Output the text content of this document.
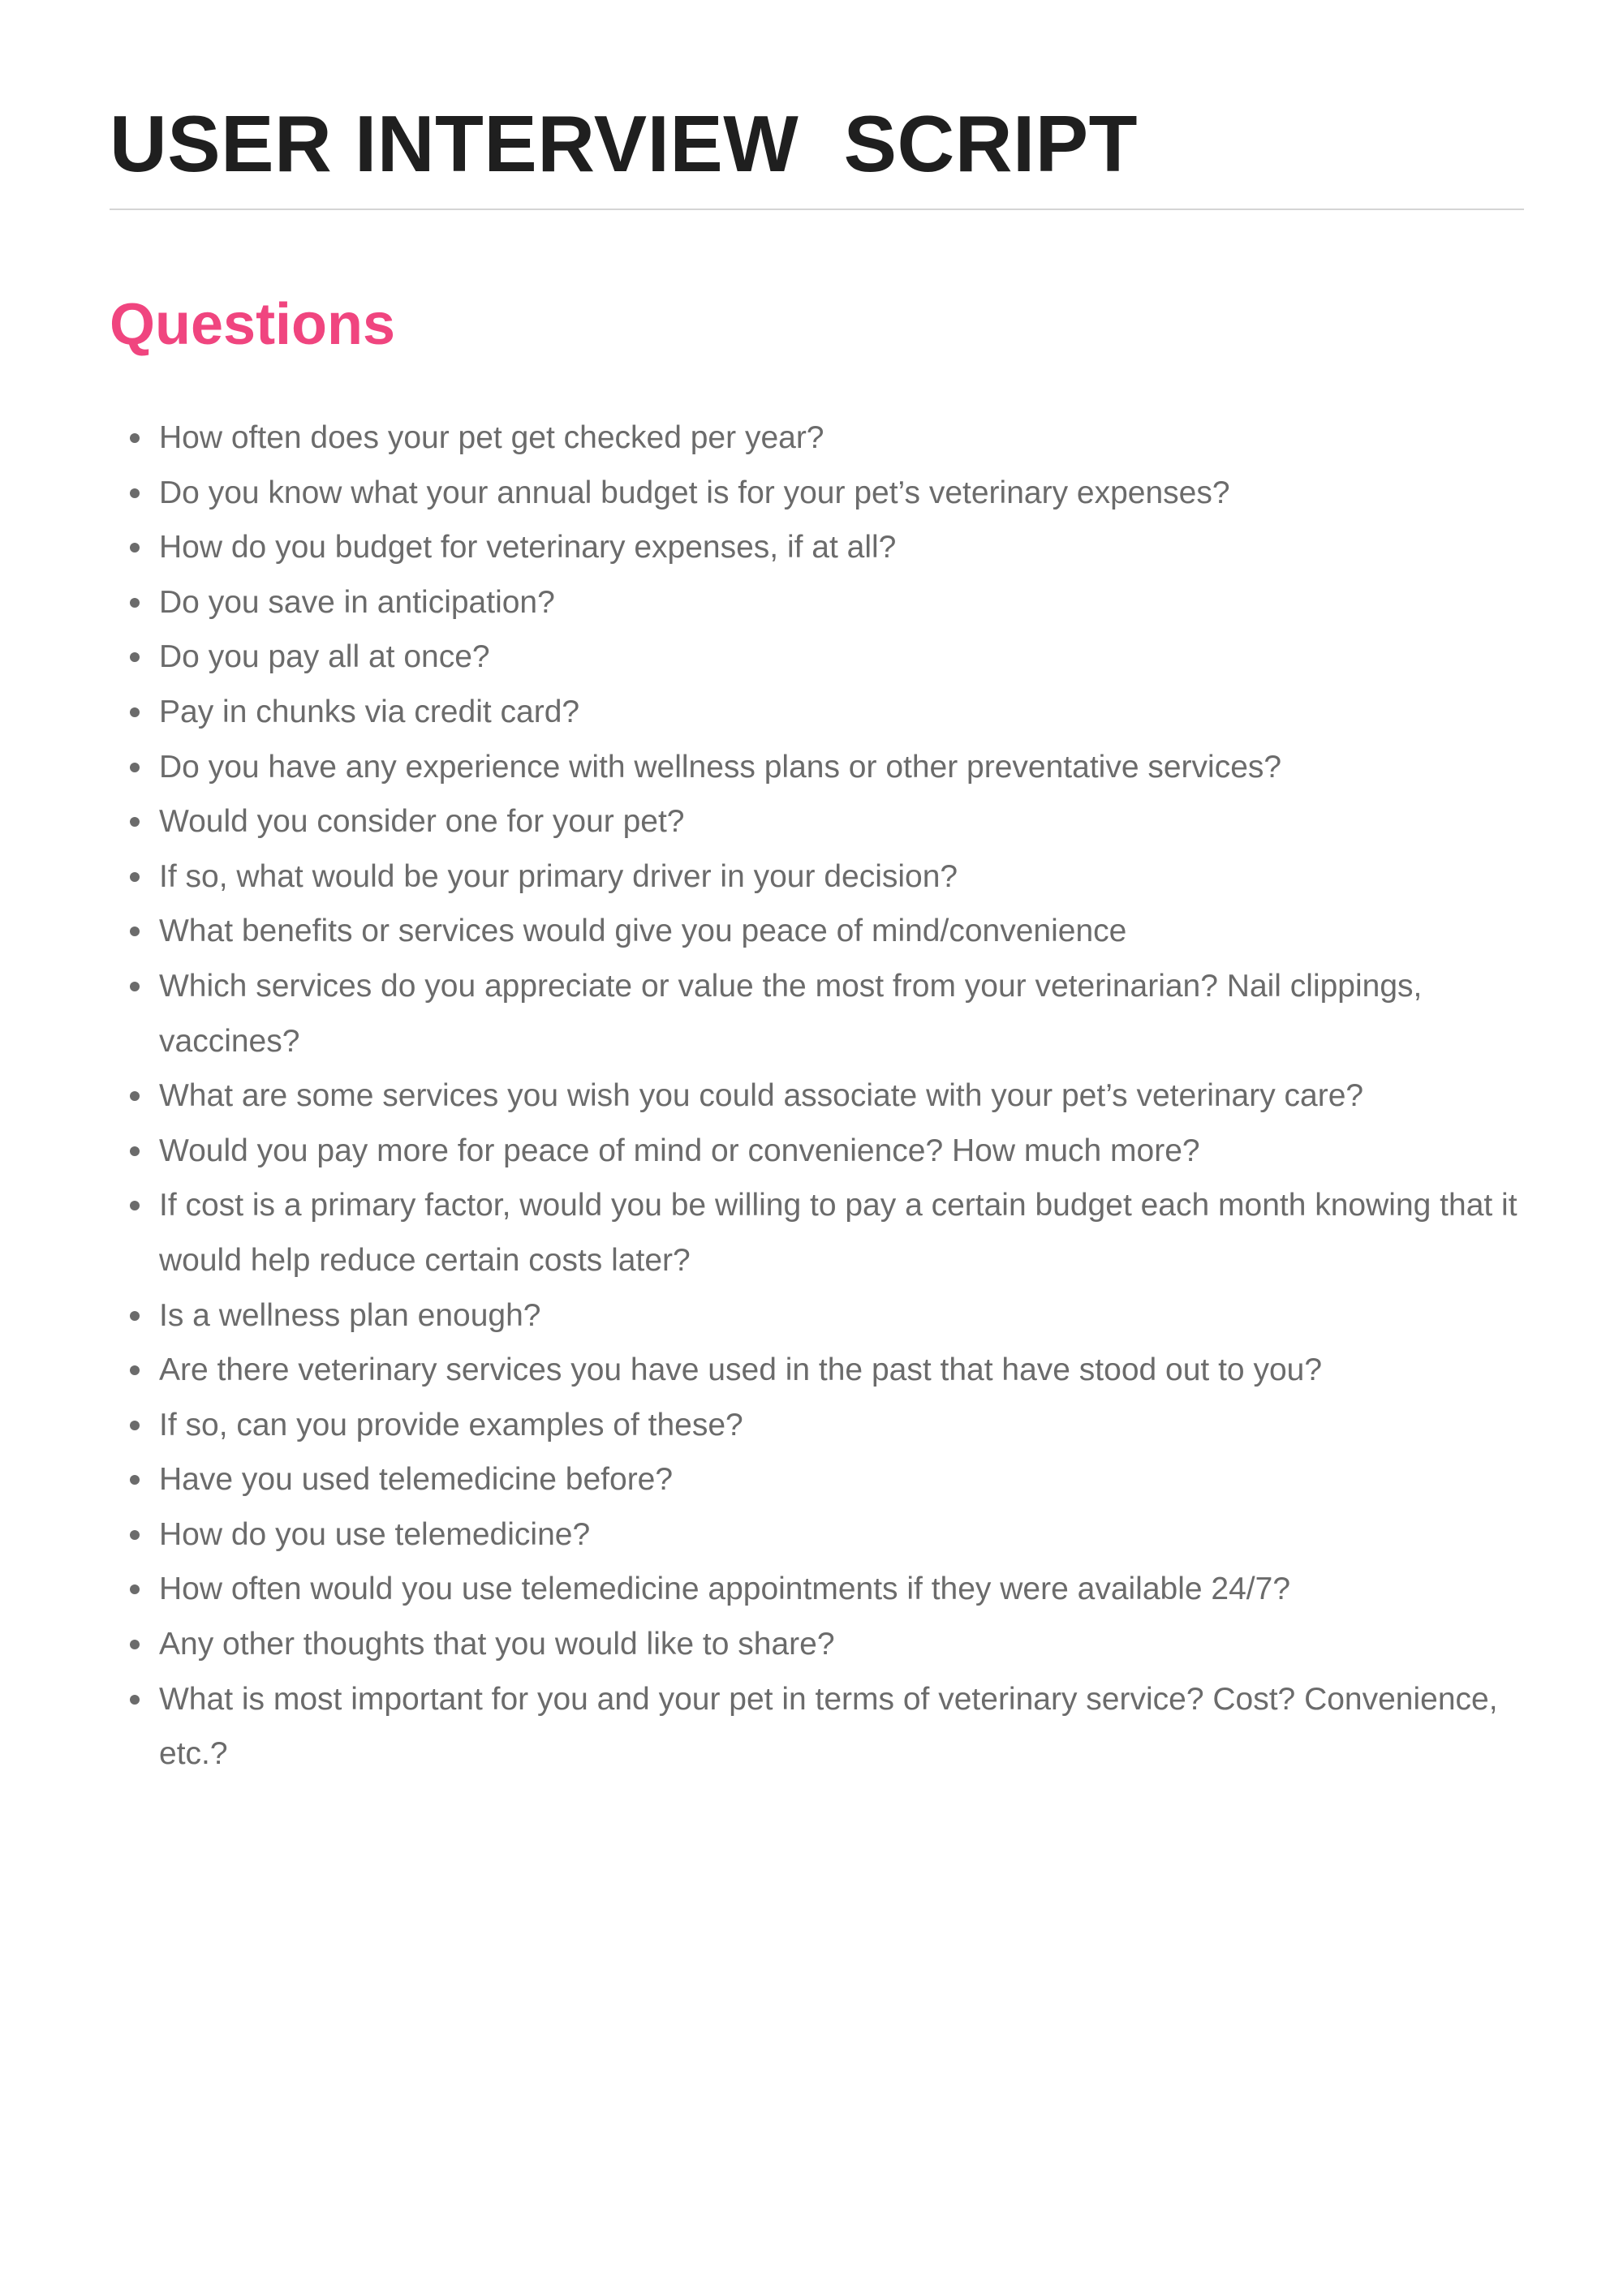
USER INTERVIEW  SCRIPT
Questions
How often does your pet get checked per year?
Do you know what your annual budget is for your pet’s veterinary expenses?
How do you budget for veterinary expenses, if at all?
Do you save in anticipation?
Do you pay all at once?
Pay in chunks via credit card?
Do you have any experience with wellness plans or other preventative services?
Would you consider one for your pet?
If so, what would be your primary driver in your decision?
What benefits or services would give you peace of mind/convenience
Which services do you appreciate or value the most from your veterinarian? Nail clippings, vaccines?
What are some services you wish you could associate with your pet’s veterinary care?
Would you pay more for peace of mind or convenience? How much more?
If cost is a primary factor, would you be willing to pay a certain budget each month knowing that it would help reduce certain costs later?
Is a wellness plan enough?
Are there veterinary services you have used in the past that have stood out to you?
If so, can you provide examples of these?
Have you used telemedicine before?
How do you use telemedicine?
How often would you use telemedicine appointments if they were available 24/7?
Any other thoughts that you would like to share?
What is most important for you and your pet in terms of veterinary service? Cost? Convenience, etc.?
